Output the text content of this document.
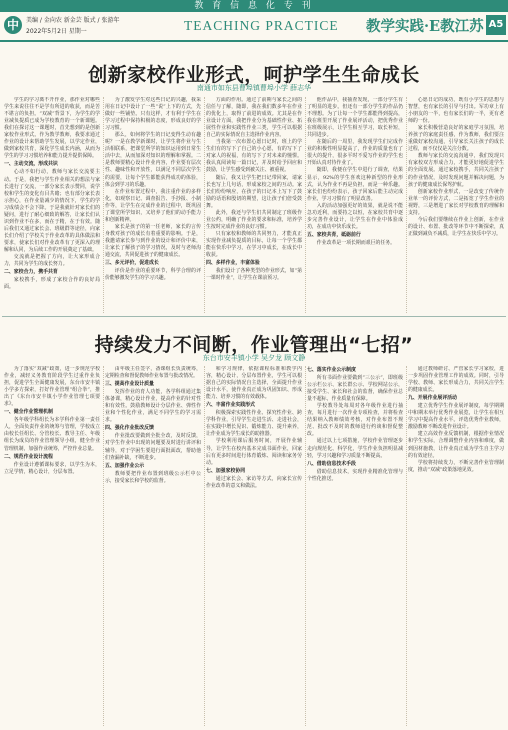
教 育 信 息 化 专 刊
中	美编 / 金向农 新金芸 版式 / 张游年
2022年5月2日 星期一	TEACHING PRACTICE 教学实践·E教江苏 A5
创新家校作业形式，呵护学生生命成长
南通市如东县曹埠镇曹埠小学 薛志华
持续发力不间断，作业管理出“七招”
东台市安丰镇小学 吴夕龙 顾文静

学生的学习离不开作业，那作业对哪些学生来说往往不是学有所进的收获，而是苦不堪言的负担。“双减”背景下，为学生的学业减负提质已成为学校教育的一个新课题。我们在探讨这一课题时，首先想到的是创新家校作业形式。作为教学教师，我要求通过作业的设计来帮助学生发展，以学定作业，做到家校共育，深化学生成长内涵，从而为学生的学习习惯培养和能力提升提供保障。

一、主动交流，形成共识

心动不如行动，教师与家长交流要主动。于是，我把与学生作业相关的想法与家长进行了交流，一部分家长表示赞同，说学校和学生的变化有目共睹；也有部分家长表示担心，在作业量减少的情况下，学生的学习成绩会不会下降。于是我就针对家长们的疑问，进行了耐心细致的解答，让家长们认识到作业不在多，而在于精，在于有效。随后我们又通过家长会、班级群等途径，向家长们介绍了学校关于作业改革的具体做法和要求，使家长们对作业改革有了更深入的理解和认同，为后续工作的开展奠定了基础。

交流就是把握了方向，让大家形成合力，共同为学生的成长努力。

二、家校合力，携手共育

家校携手，形成了家校合作的良好局面。

为了激发学生对这些日记的兴趣，我采用在日记中设计了一些“说”上下的方式，先做好一些铺垫。只有这样，才有利于学生在学习过程中保持积极的态度，形成良好的学习习惯。

那么，如何将学生的日记变得生动有趣呢？一是在教学新课时，让学生将作业与生活相联系，把课堂所学的知识运用到日常生活中去，从而加深对知识的理解和掌握。二是教师要精心设计作业内容，作业要有层次性、趣味性和开放性，以满足不同层次学生的需要，让每个学生都能获得成功的体验，体会到学习的乐趣。

在作业布置过程中，我注重作业的多样化，如观察日记、调查报告、手抄报、小制作等，让学生在完成作业的过程中，既巩固了课堂所学知识，又培养了他们的动手能力和创新精神。

家长是孩子的第一任老师，家长的言传身教对孩子的成长有着重要的影响。于是，我邀请家长参与到作业的设计和评价中来，让家长了解孩子的学习情况，及时与老师沟通交流，共同促进孩子的健康成长。

三、多元评价，促进成长

评价是作业的重要环节，科学合理的评价能够激发学生的学习兴趣。

方面的作用。通过了前期与家长之间的信任与了解，随即，我在我们数多年在作业的优化上，取得了前进的成效。尤其是在作业设计方面，我把作业分为基础性作业、拓展性作业和实践性作业三类，学生可以根据自己的实际情况自主选择作业内容。

当我第一次布置心愿日记时，班上的学生们有的写下了自己的小心愿，有的写下了对家人的祝福，有的写下了对未来的憧憬。我认真阅读每一篇日记，并及时给予回应和鼓励，让学生感受到被关注、被重视。

随后，我又让学生把日记带回家，请家长也写上几句话，形成家校之间的互动。家长们纷纷响应，在孩子的日记本上写下了鼓励的话语和殷切的期望，这让孩子们倍受鼓舞。

此外，我还与学生们共同制定了班级作业公约，明确了作业的要求和标准，培养学生按时完成作业的良好习惯。

只有家校和教师的共同努力，才能真正实现作业减负提质的目标，让每一个学生都能在快乐中学习，在学习中成长，在成长中收获。

四、多样作业，丰富体验

我们设计了各种类型的作业形式，如“第一课时作业”，让学生在课前预习。

他作品中，我抽查发现，一部分学生有了明显的进步。但还有一部分学生的作品仍不理想。为了让每一个学生都能得到提高，我在班里开展了作业展评活动，把优秀作业在班级展示，让学生相互学习，取长补短，共同进步。

在随后的一周里，我发现学生们完成作业的积极性明显提高了，作业的质量也有了很大的提升，很多平时不爱写作业的学生也开始认真对待作业了。

随即，我便在学生中进行了调查，结果显示，92%的学生喜欢这种新型的作业形式，认为作业不再是负担，而是一种乐趣。家长们也纷纷表示，孩子回家后能主动完成作业，学习习惯有了明显改善。

入的活动加强更好的效果，就是说不能急功近利，而要持之以恒，在家校共育中逐步完善作业设计，让学生在作业中体验成功，在成功中快乐成长。

五、家校共育，砥砺前行

作业改革是一项长期而艰巨的任务。

心愿日记的成功，既有小学生的思想与智慧，也有家长的引导与付出。军功章上有小朋友的一半，也有家长们的一半，更有老师的一份。

家长积极营造良好的家庭学习氛围，培养孩子的家庭责任感，作为教师，我们要注重做好家校沟通，引导家长关注孩子的成长过程，而不仅仅是关注分数。

教师与家长的交流沟通中，我们发现只有家校双方形成合力，才能更好地促进学生的全面发展。通过家校携手，共同关注孩子的作业情况，及时发现问题并解决问题，为孩子的健康成长保驾护航。

创新家校作业形式，一是改变了传统作业单一的评价方式，二是拓宽了学生作业的视野，三是增进了家长对学校教育的理解和支持。

今后我们要继续在作业上创新，在作业的设计、布置、批改等环节中不断探索，真正做到减负不减质，让学生在快乐中学习。

为了落实“双减”政策，进一步规范学校作业，减轻义务教育阶段学生过重作业负担，促进学生全面健康发展，东台市安丰镇小学多方探索，打好作业管理“组合拳”，推出了《东台市安丰镇小学作业管理七项要求》。

一、健全作业管理机制

各年级学科组长为本学科作业第一责任人，全面负责作业的统筹与管理，学校成立由校长任组长、分管校长、教导主任、年级组长为成员的作业管理领导小组，健全作业管理机制，加强作业统筹，严控作业总量。

二、规范作业设计流程

作业设计遵循课标要求，以学生为本，立足学情，精心设计，分层布置。

由年级主任签字，备课组长负责统筹，定期检查和督促教师作业布置与批改情况。

三、提高作业设计质量

发挥作业的育人功能，各学科组通过集体备课，精心设计作业，提高作业的针对性和有效性。鼓励教师设计分层作业、弹性作业和个性化作业，满足不同学生的学习需求。

四、强化作业批改反馈

作业批改要做到全批全改，及时反馈，对学生作业中出现的问题要及时进行讲评和辅导，对于学困生要进行面批面改，帮助他们查漏补缺，不断进步。

五、加强作业公示

教师要把作业布置到班级公示栏中公示，接受家长和学校的监督。

和学习规律，依据课程标准和教学内容，精心设计，分层布置作业，学生可以根据自己的实际情况自主选择，全面提升作业设计水平，使作业真正成为巩固知识、形成能力、培养习惯的有效载体。

六、丰富作业实践形式

积极探索实践性作业、探究性作业、跨学科作业，引导学生走进生活、走进社会，在实践中增长见识、锻炼能力、提升素养，让作业成为学生成长的助推器。

学校利用课后服务时间，开展作业辅导，让学生在校内基本完成书面作业，回家后有更多时间进行体育锻炼、阅读和家务劳动。

七、加强家校协同

通过家长会、家访等方式，向家长宣传作业改革的意义和做法。

七、落实作业公示制度

所有书面作业要做到“三公示”，即班级公示栏公示、家长群公示、学校网站公示，接受学生、家长和社会的监督，确保作业总量不超标，作业质量有保障。

学校教导处每周对各年级作业进行抽查，每月进行一次作业专项检查，并将检查结果纳入教师绩效考核，对作业布置不规范、批改不及时的教师进行约谈和督促整改。

通过以上七项措施，学校作业管理逐步走向规范化、科学化，学生作业负担明显减轻，学习兴趣和学习质量不断提高。

八、借助信息技术手段

借助信息技术，实现作业精准化管理与个性化推送。

通过教师研讨、严管家长学习家校，进一步巩固作业管理工作的成效。同时，引导学校、教师、家长形成合力，共同关注学生的健康成长。

九、开展作业展评活动

建立优秀学生作业展评制度，每学期期中和期末举行优秀作业展览，让学生在相互学习中提高作业水平。评选优秀作业教师，激励教师不断改进作业设计。

建立高效作业反馈机制，根据作业情况和学生实际，合理调整作业内容和难度，做到因材施教，让作业真正成为学生自主学习的有效途径。

学校将持续发力，不断完善作业管理制度，推动“双减”政策落地见效。
